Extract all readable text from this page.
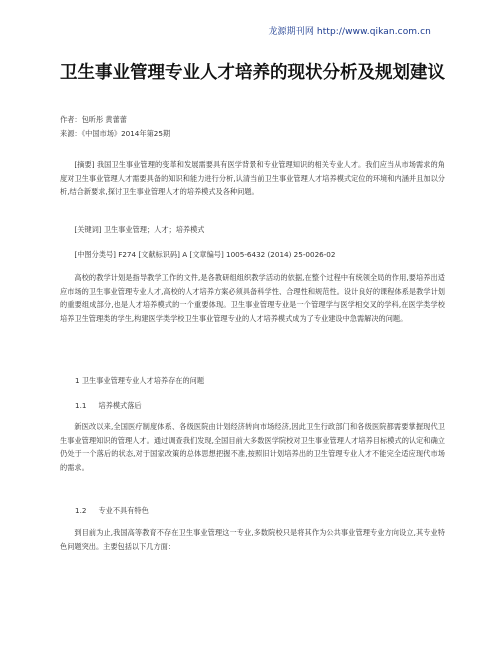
龙源期刊网 http://www.qikan.com.cn
卫生事业管理专业人才培养的现状分析及规划建议
作者：包昕彤 黄蕾蕾
来源：《中国市场》2014年第25期

[摘要] 我国卫生事业管理的变革和发展需要具有医学背景和专业管理知识的相关专业人才。我们应当从市场需求的角度对卫生事业管理人才需要具备的知识和能力进行分析,认清当前卫生事业管理人才培养模式定位的环境和内涵并且加以分析,结合新要求,探讨卫生事业管理人才的培养模式及各种问题。

[关键词] 卫生事业管理；人才；培养模式

[中图分类号] F274 [文献标识码] A [文章编号] 1005-6432 (2014) 25-0026-02

高校的教学计划是指导教学工作的文件,是各教研组组织教学活动的依据,在整个过程中有统领全局的作用,要培养出适应市场的卫生事业管理专业人才,高校的人才培养方案必须具备科学性、合理性和规范性。设计良好的课程体系是教学计划的重要组成部分,也是人才培养模式的一个重要体现。卫生事业管理专业是一个管理学与医学相交叉的学科,在医学类学校培养卫生管理类的学生,构建医学类学校卫生事业管理专业的人才培养模式成为了专业建设中急需解决的问题。

1 卫生事业管理专业人才培养存在的问题
1.1 培养模式落后

新医改以来,全国医疗制度体系、各级医院由计划经济转向市场经济,因此卫生行政部门和各级医院都需要掌握现代卫生事业管理知识的管理人才。通过调查我们发现,全国目前大多数医学院校对卫生事业管理人才培养目标模式的认定和确立仍处于一个落后的状态,对于国家改策的总体思想把握不准,按照旧计划培养出的卫生管理专业人才不能完全适应现代市场的需求。

1.2 专业不具有特色

到目前为止,我国高等教育不存在卫生事业管理这一专业,多数院校只是将其作为公共事业管理专业方向设立,其专业特色问题突出。主要包括以下几方面：
